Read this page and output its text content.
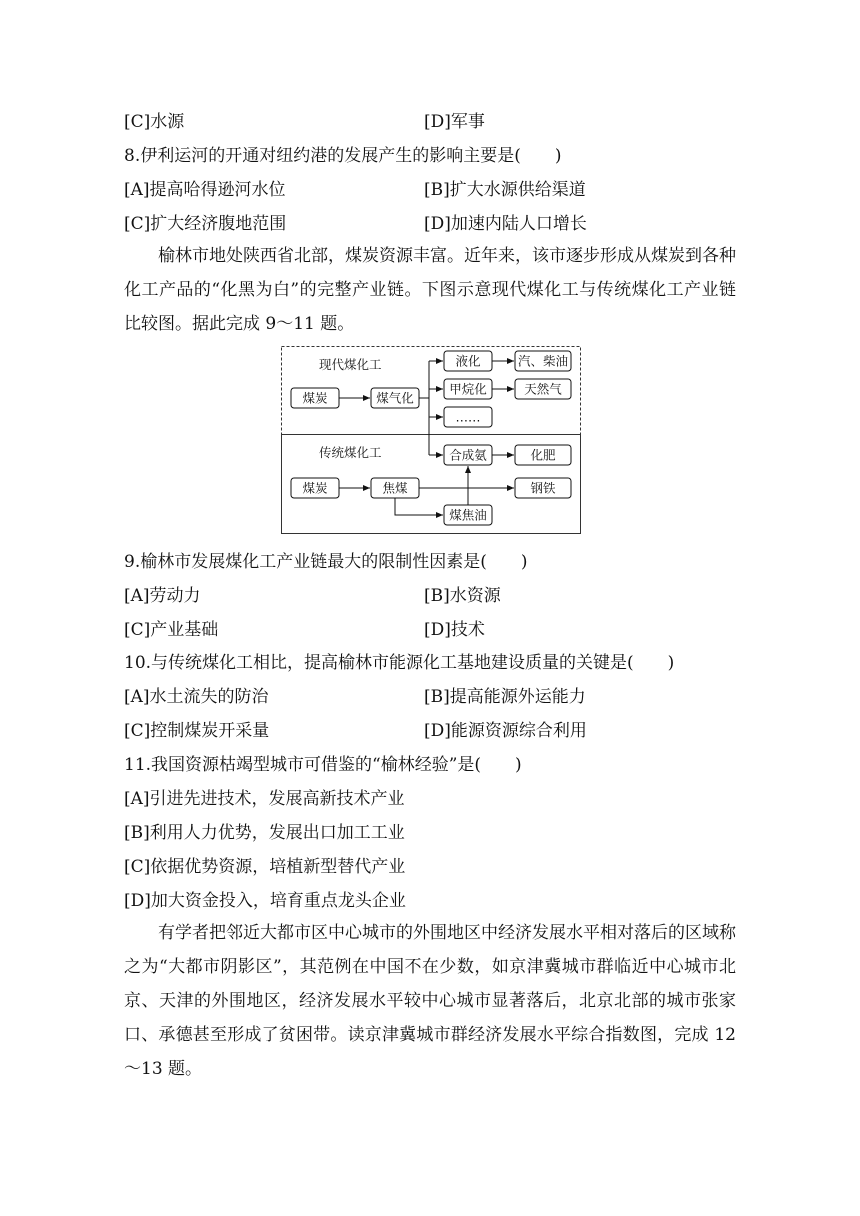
[C]水源	[D]军事
8.伊利运河的开通对纽约港的发展产生的影响主要是(　　)
[A]提高哈得逊河水位	[B]扩大水源供给渠道
[C]扩大经济腹地范围	[D]加速内陆人口增长
榆林市地处陕西省北部，煤炭资源丰富。近年来，该市逐步形成从煤炭到各种化工产品的“化黑为白”的完整产业链。下图示意现代煤化工与传统煤化工产业链比较图。据此完成 9～11 题。
现代煤化工
传统煤化工
煤炭	煤气化
液化
甲烷化
……
汽、柴油
天然气
合成氨	化肥
煤炭	焦煤	钢铁
煤焦油
9.榆林市发展煤化工产业链最大的限制性因素是(　　)
[A]劳动力	[B]水资源
[C]产业基础	[D]技术
10.与传统煤化工相比，提高榆林市能源化工基地建设质量的关键是(　　)
[A]水土流失的防治	[B]提高能源外运能力
[C]控制煤炭开采量	[D]能源资源综合利用
11.我国资源枯竭型城市可借鉴的“榆林经验”是(　　)
[A]引进先进技术，发展高新技术产业
[B]利用人力优势，发展出口加工工业
[C]依据优势资源，培植新型替代产业
[D]加大资金投入，培育重点龙头企业
有学者把邻近大都市区中心城市的外围地区中经济发展水平相对落后的区域称之为“大都市阴影区”，其范例在中国不在少数，如京津冀城市群临近中心城市北京、天津的外围地区，经济发展水平较中心城市显著落后，北京北部的城市张家口、承德甚至形成了贫困带。读京津冀城市群经济发展水平综合指数图，完成 12～13 题。
